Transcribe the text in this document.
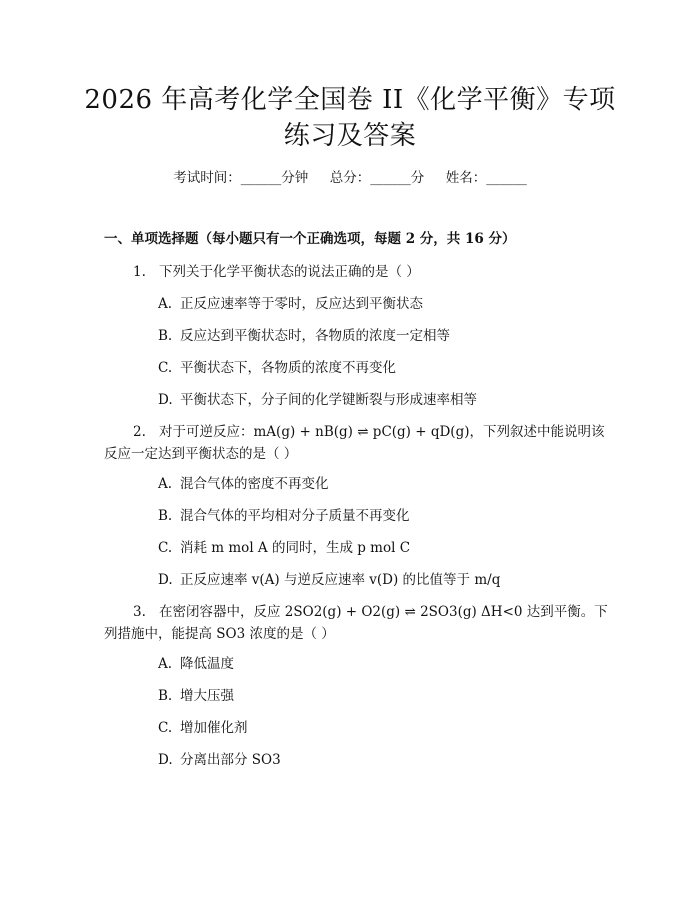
2026 年高考化学全国卷 II《化学平衡》专项
练习及答案
考试时间：______分钟     总分：______分     姓名：______
一、单项选择题（每小题只有一个正确选项，每题 2 分，共 16 分）
1. 下列关于化学平衡状态的说法正确的是（ ）
A. 正反应速率等于零时，反应达到平衡状态
B. 反应达到平衡状态时，各物质的浓度一定相等
C. 平衡状态下，各物质的浓度不再变化
D. 平衡状态下，分子间的化学键断裂与形成速率相等
2. 对于可逆反应：mA(g) + nB(g) ⇌ pC(g) + qD(g)，下列叙述中能说明该
反应一定达到平衡状态的是（ ）
A. 混合气体的密度不再变化
B. 混合气体的平均相对分子质量不再变化
C. 消耗 m mol A 的同时，生成 p mol C
D. 正反应速率 v(A) 与逆反应速率 v(D) 的比值等于 m/q
3. 在密闭容器中，反应 2SO2(g) + O2(g) ⇌ 2SO3(g) ΔH<0 达到平衡。下
列措施中，能提高 SO3 浓度的是（ ）
A. 降低温度
B. 增大压强
C. 增加催化剂
D. 分离出部分 SO3
